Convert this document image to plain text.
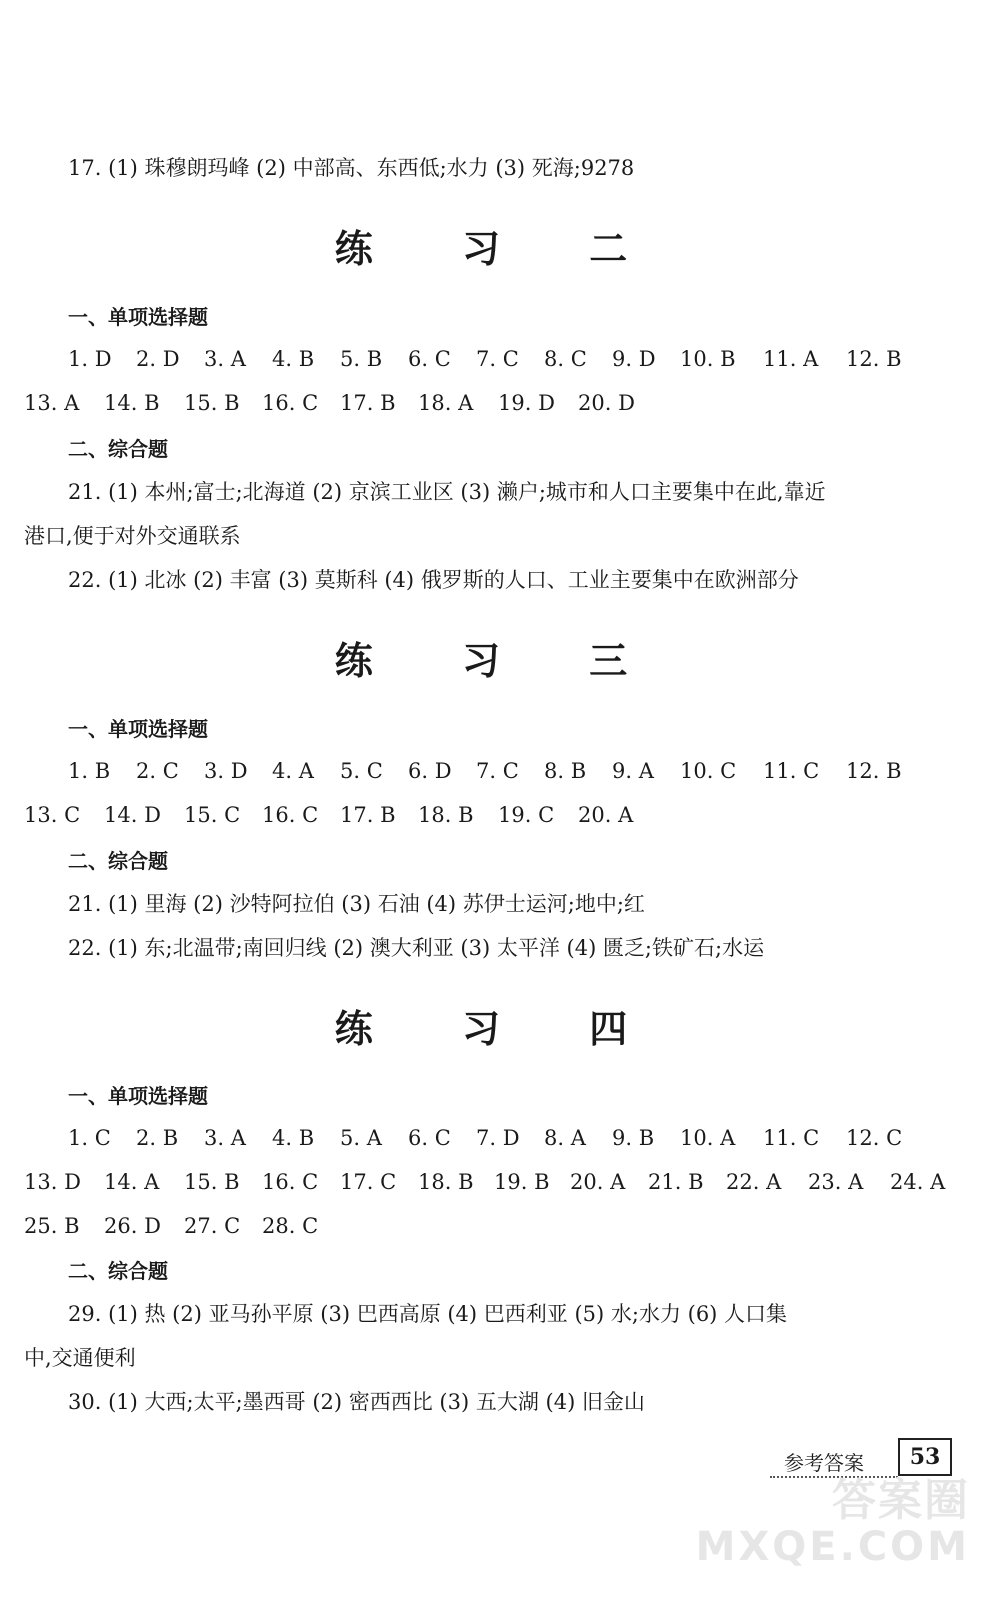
17. (1) 珠穆朗玛峰 (2) 中部高、东西低;水力 (3) 死海;9278
练 习 二
一、单项选择题
1. D 2. D 3. A 4. B 5. B 6. C 7. C 8. C 9. D 10. B 11. A 12. B
13. A 14. B 15. B 16. C 17. B 18. A 19. D 20. D
二、综合题
21. (1) 本州;富士;北海道 (2) 京滨工业区 (3) 濑户;城市和人口主要集中在此,靠近
港口,便于对外交通联系
22. (1) 北冰 (2) 丰富 (3) 莫斯科 (4) 俄罗斯的人口、工业主要集中在欧洲部分
练 习 三
一、单项选择题
1. B 2. C 3. D 4. A 5. C 6. D 7. C 8. B 9. A 10. C 11. C 12. B
13. C 14. D 15. C 16. C 17. B 18. B 19. C 20. A
二、综合题
21. (1) 里海 (2) 沙特阿拉伯 (3) 石油 (4) 苏伊士运河;地中;红
22. (1) 东;北温带;南回归线 (2) 澳大利亚 (3) 太平洋 (4) 匮乏;铁矿石;水运
练 习 四
一、单项选择题
1. C 2. B 3. A 4. B 5. A 6. C 7. D 8. A 9. B 10. A 11. C 12. C
13. D 14. A 15. B 16. C 17. C 18. B 19. B 20. A 21. B 22. A 23. A 24. A
25. B 26. D 27. C 28. C
二、综合题
29. (1) 热 (2) 亚马孙平原 (3) 巴西高原 (4) 巴西利亚 (5) 水;水力 (6) 人口集
中,交通便利
30. (1) 大西;太平;墨西哥 (2) 密西西比 (3) 五大湖 (4) 旧金山
参考答案	53
答案圈
MXQE.COM
